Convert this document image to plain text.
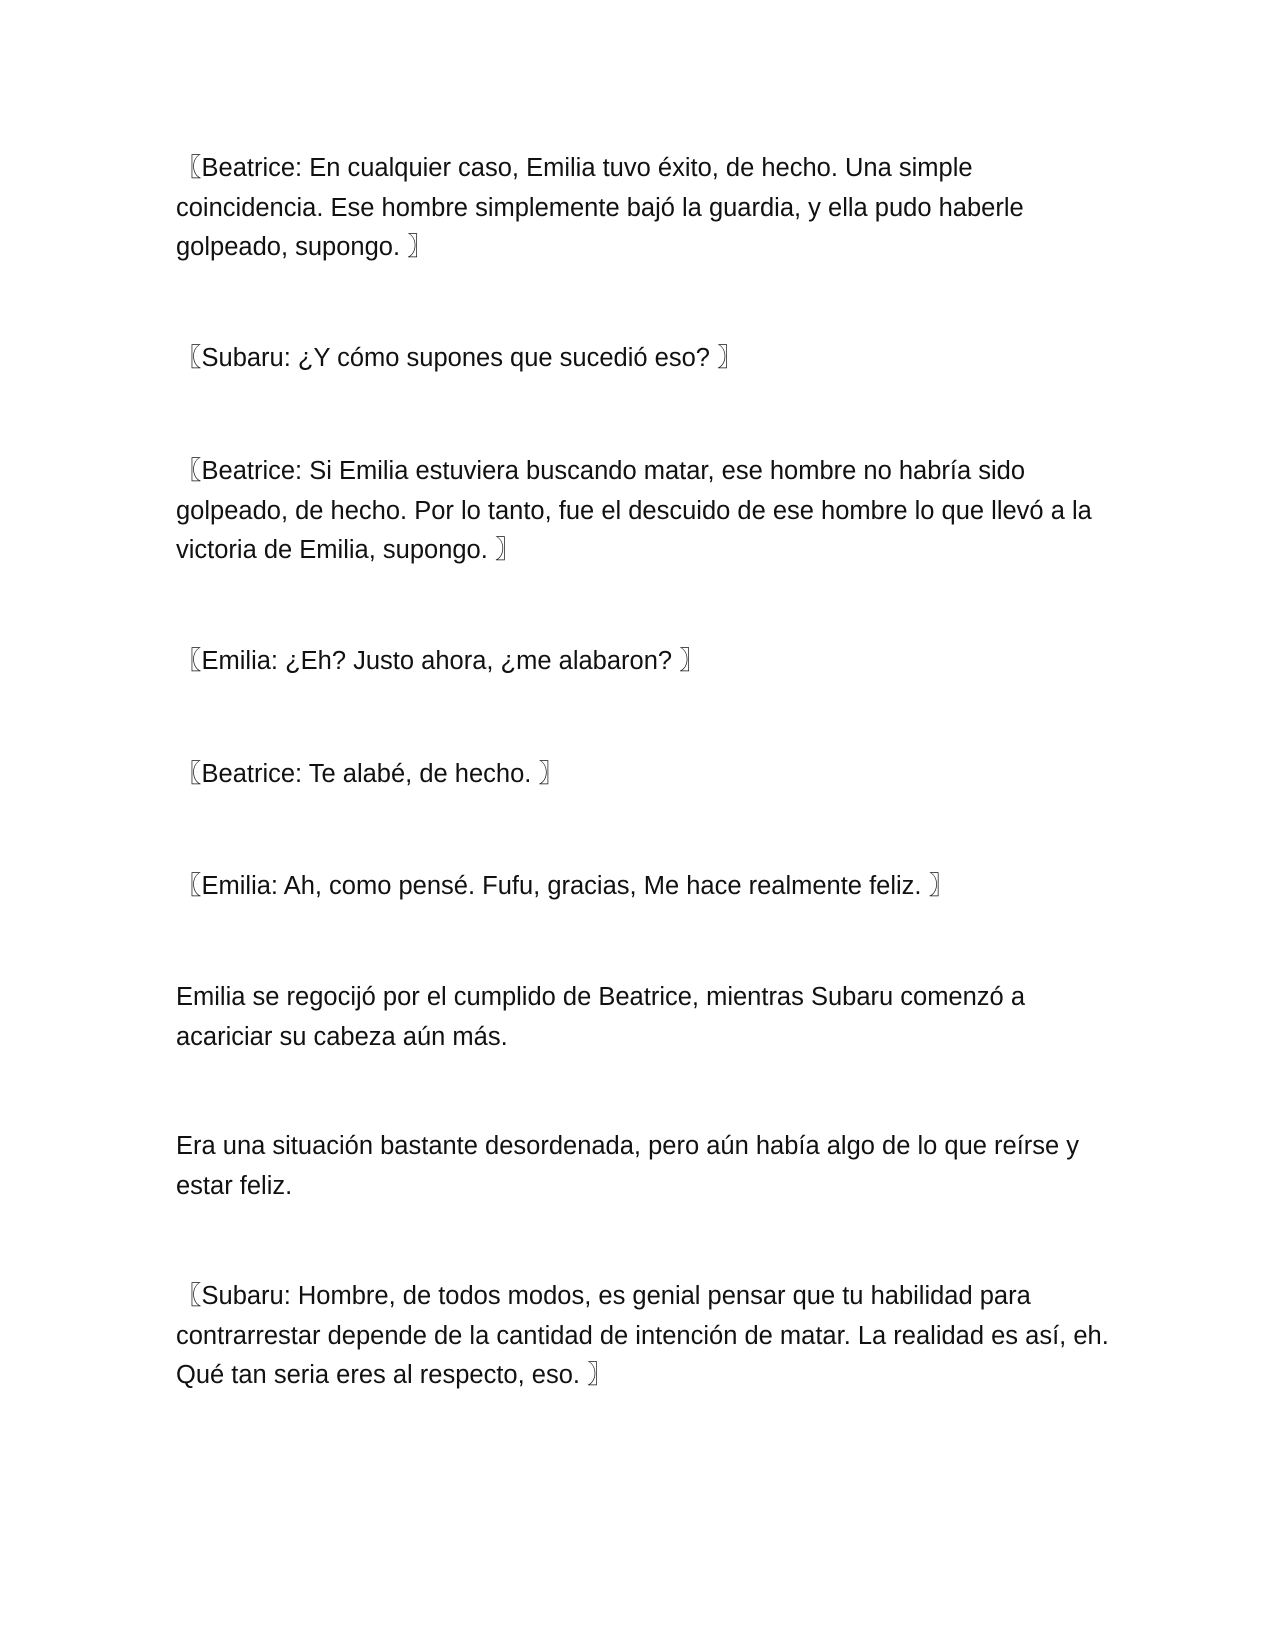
〖Beatrice: En cualquier caso, Emilia tuvo éxito, de hecho. Una simple coincidencia. Ese hombre simplemente bajó la guardia, y ella pudo haberle golpeado, supongo. 〗

〖Subaru: ¿Y cómo supones que sucedió eso? 〗

〖Beatrice: Si Emilia estuviera buscando matar, ese hombre no habría sido golpeado, de hecho. Por lo tanto, fue el descuido de ese hombre lo que llevó a la victoria de Emilia, supongo. 〗

〖Emilia: ¿Eh? Justo ahora, ¿me alabaron? 〗

〖Beatrice: Te alabé, de hecho. 〗

〖Emilia: Ah, como pensé. Fufu, gracias, Me hace realmente feliz. 〗

Emilia se regocijó por el cumplido de Beatrice, mientras Subaru comenzó a acariciar su cabeza aún más.

Era una situación bastante desordenada, pero aún había algo de lo que reírse y estar feliz.

〖Subaru: Hombre, de todos modos, es genial pensar que tu habilidad para contrarrestar depende de la cantidad de intención de matar. La realidad es así, eh. Qué tan seria eres al respecto, eso. 〗
